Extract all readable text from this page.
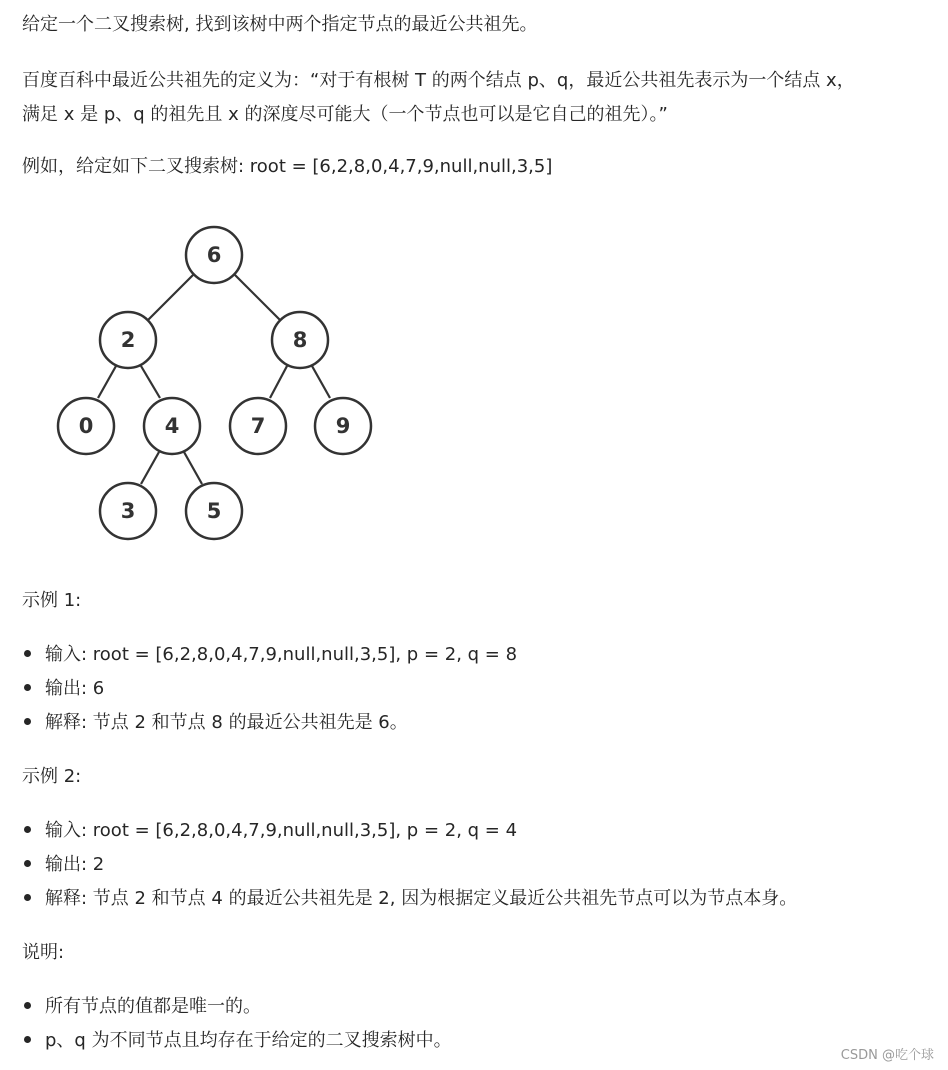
给定一个二叉搜索树, 找到该树中两个指定节点的最近公共祖先。
百度百科中最近公共祖先的定义为：“对于有根树 T 的两个结点 p、q，最近公共祖先表示为一个结点 x，
满足 x 是 p、q 的祖先且 x 的深度尽可能大（一个节点也可以是它自己的祖先）。”
例如，给定如下二叉搜索树: root = [6,2,8,0,4,7,9,null,null,3,5]
6
2	8
0	4	7	9
3	5
示例 1:
输入: root = [6,2,8,0,4,7,9,null,null,3,5], p = 2, q = 8
输出: 6
解释: 节点 2 和节点 8 的最近公共祖先是 6。
示例 2:
输入: root = [6,2,8,0,4,7,9,null,null,3,5], p = 2, q = 4
输出: 2
解释: 节点 2 和节点 4 的最近公共祖先是 2, 因为根据定义最近公共祖先节点可以为节点本身。
说明:
所有节点的值都是唯一的。
p、q 为不同节点且均存在于给定的二叉搜索树中。
CSDN @吃个球
